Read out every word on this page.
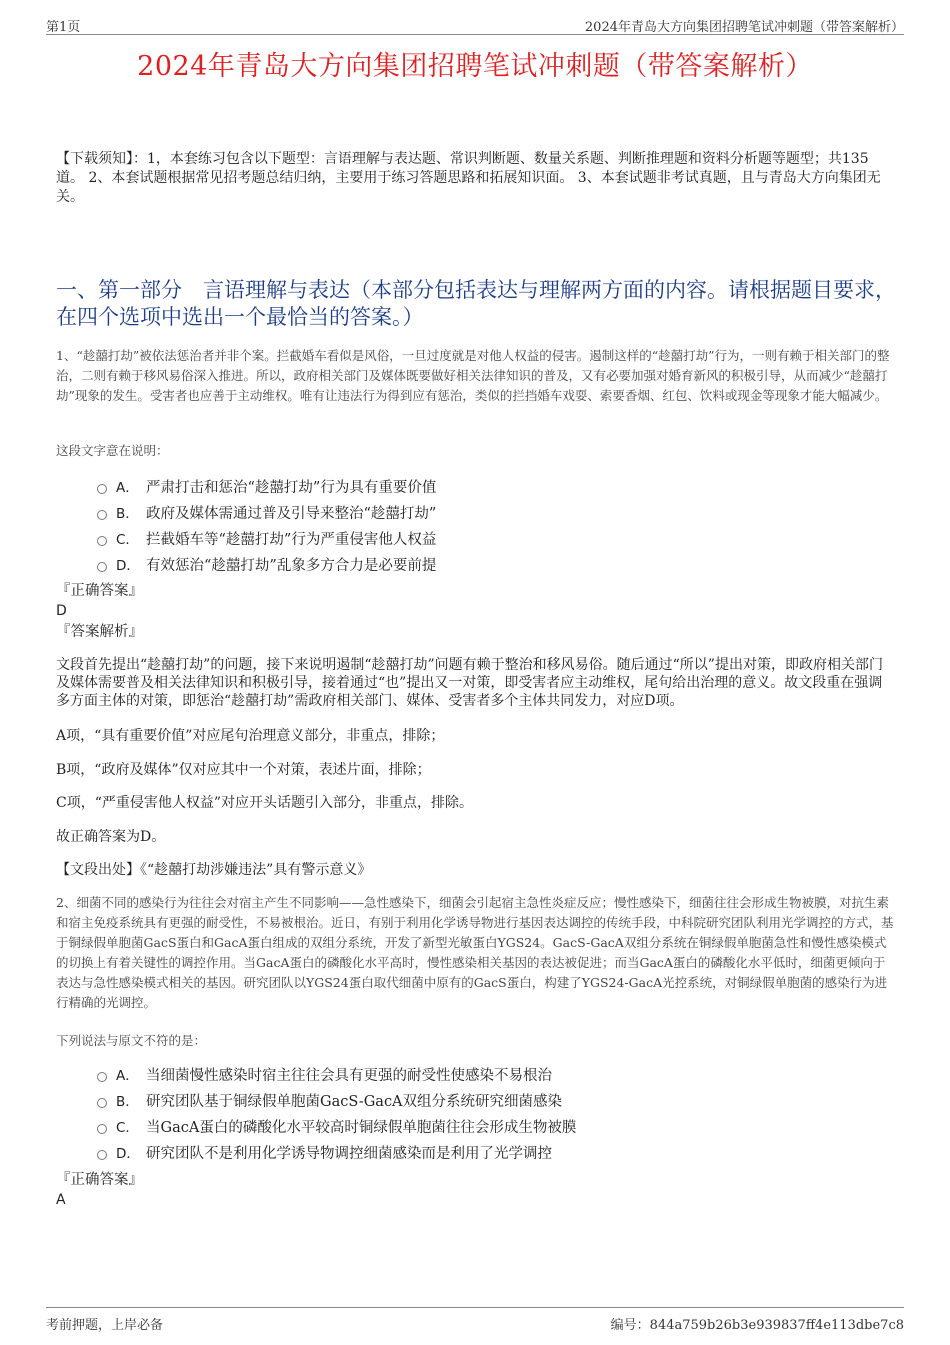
第1页	2024年青岛大方向集团招聘笔试冲刺题（带答案解析）
2024年青岛大方向集团招聘笔试冲刺题（带答案解析）
【下载须知】：1，本套练习包含以下题型：言语理解与表达题、常识判断题、数量关系题、判断推理题和资料分析题等题型；共135道。 2、本套试题根据常见招考题总结归纳，主要用于练习答题思路和拓展知识面。 3、本套试题非考试真题，且与青岛大方向集团无关。
一、第一部分　言语理解与表达（本部分包括表达与理解两方面的内容。请根据题目要求，在四个选项中选出一个最恰当的答案。）
1、“趁囍打劫”被依法惩治者并非个案。拦截婚车看似是风俗，一旦过度就是对他人权益的侵害。遏制这样的“趁囍打劫”行为，一则有赖于相关部门的整治，二则有赖于移风易俗深入推进。所以，政府相关部门及媒体既要做好相关法律知识的普及，又有必要加强对婚育新风的积极引导，从而减少“趁囍打劫”现象的发生。受害者也应善于主动维权。唯有让违法行为得到应有惩治，类似的拦挡婚车戏耍、索要香烟、红包、饮料或现金等现象才能大幅减少。
这段文字意在说明：
A． 严肃打击和惩治“趁囍打劫”行为具有重要价值
B． 政府及媒体需通过普及引导来整治“趁囍打劫”
C． 拦截婚车等“趁囍打劫”行为严重侵害他人权益
D． 有效惩治“趁囍打劫”乱象多方合力是必要前提
『正确答案』
D
『答案解析』
文段首先提出“趁囍打劫”的问题，接下来说明遏制“趁囍打劫”问题有赖于整治和移风易俗。随后通过“所以”提出对策，即政府相关部门及媒体需要普及相关法律知识和积极引导，接着通过“也”提出又一对策，即受害者应主动维权，尾句给出治理的意义。故文段重在强调多方面主体的对策，即惩治“趁囍打劫”需政府相关部门、媒体、受害者多个主体共同发力，对应D项。
A项，“具有重要价值”对应尾句治理意义部分，非重点，排除；
B项，“政府及媒体”仅对应其中一个对策，表述片面，排除；
C项，“严重侵害他人权益”对应开头话题引入部分，非重点，排除。
故正确答案为D。
【文段出处】《“趁囍打劫涉嫌违法”具有警示意义》
2、细菌不同的感染行为往往会对宿主产生不同影响——急性感染下，细菌会引起宿主急性炎症反应；慢性感染下，细菌往往会形成生物被膜，对抗生素和宿主免疫系统具有更强的耐受性，不易被根治。近日，有别于利用化学诱导物进行基因表达调控的传统手段，中科院研究团队利用光学调控的方式，基于铜绿假单胞菌GacS蛋白和GacA蛋白组成的双组分系统，开发了新型光敏蛋白YGS24。GacS-GacA双组分系统在铜绿假单胞菌急性和慢性感染模式的切换上有着关键性的调控作用。当GacA蛋白的磷酸化水平高时，慢性感染相关基因的表达被促进；而当GacA蛋白的磷酸化水平低时，细菌更倾向于表达与急性感染模式相关的基因。研究团队以YGS24蛋白取代细菌中原有的GacS蛋白，构建了YGS24-GacA光控系统，对铜绿假单胞菌的感染行为进行精确的光调控。
下列说法与原文不符的是：
A． 当细菌慢性感染时宿主往往会具有更强的耐受性使感染不易根治
B． 研究团队基于铜绿假单胞菌GacS-GacA双组分系统研究细菌感染
C． 当GacA蛋白的磷酸化水平较高时铜绿假单胞菌往往会形成生物被膜
D． 研究团队不是利用化学诱导物调控细菌感染而是利用了光学调控
『正确答案』
A
考前押题，上岸必备	编号：844a759b26b3e939837ff4e113dbe7c8
